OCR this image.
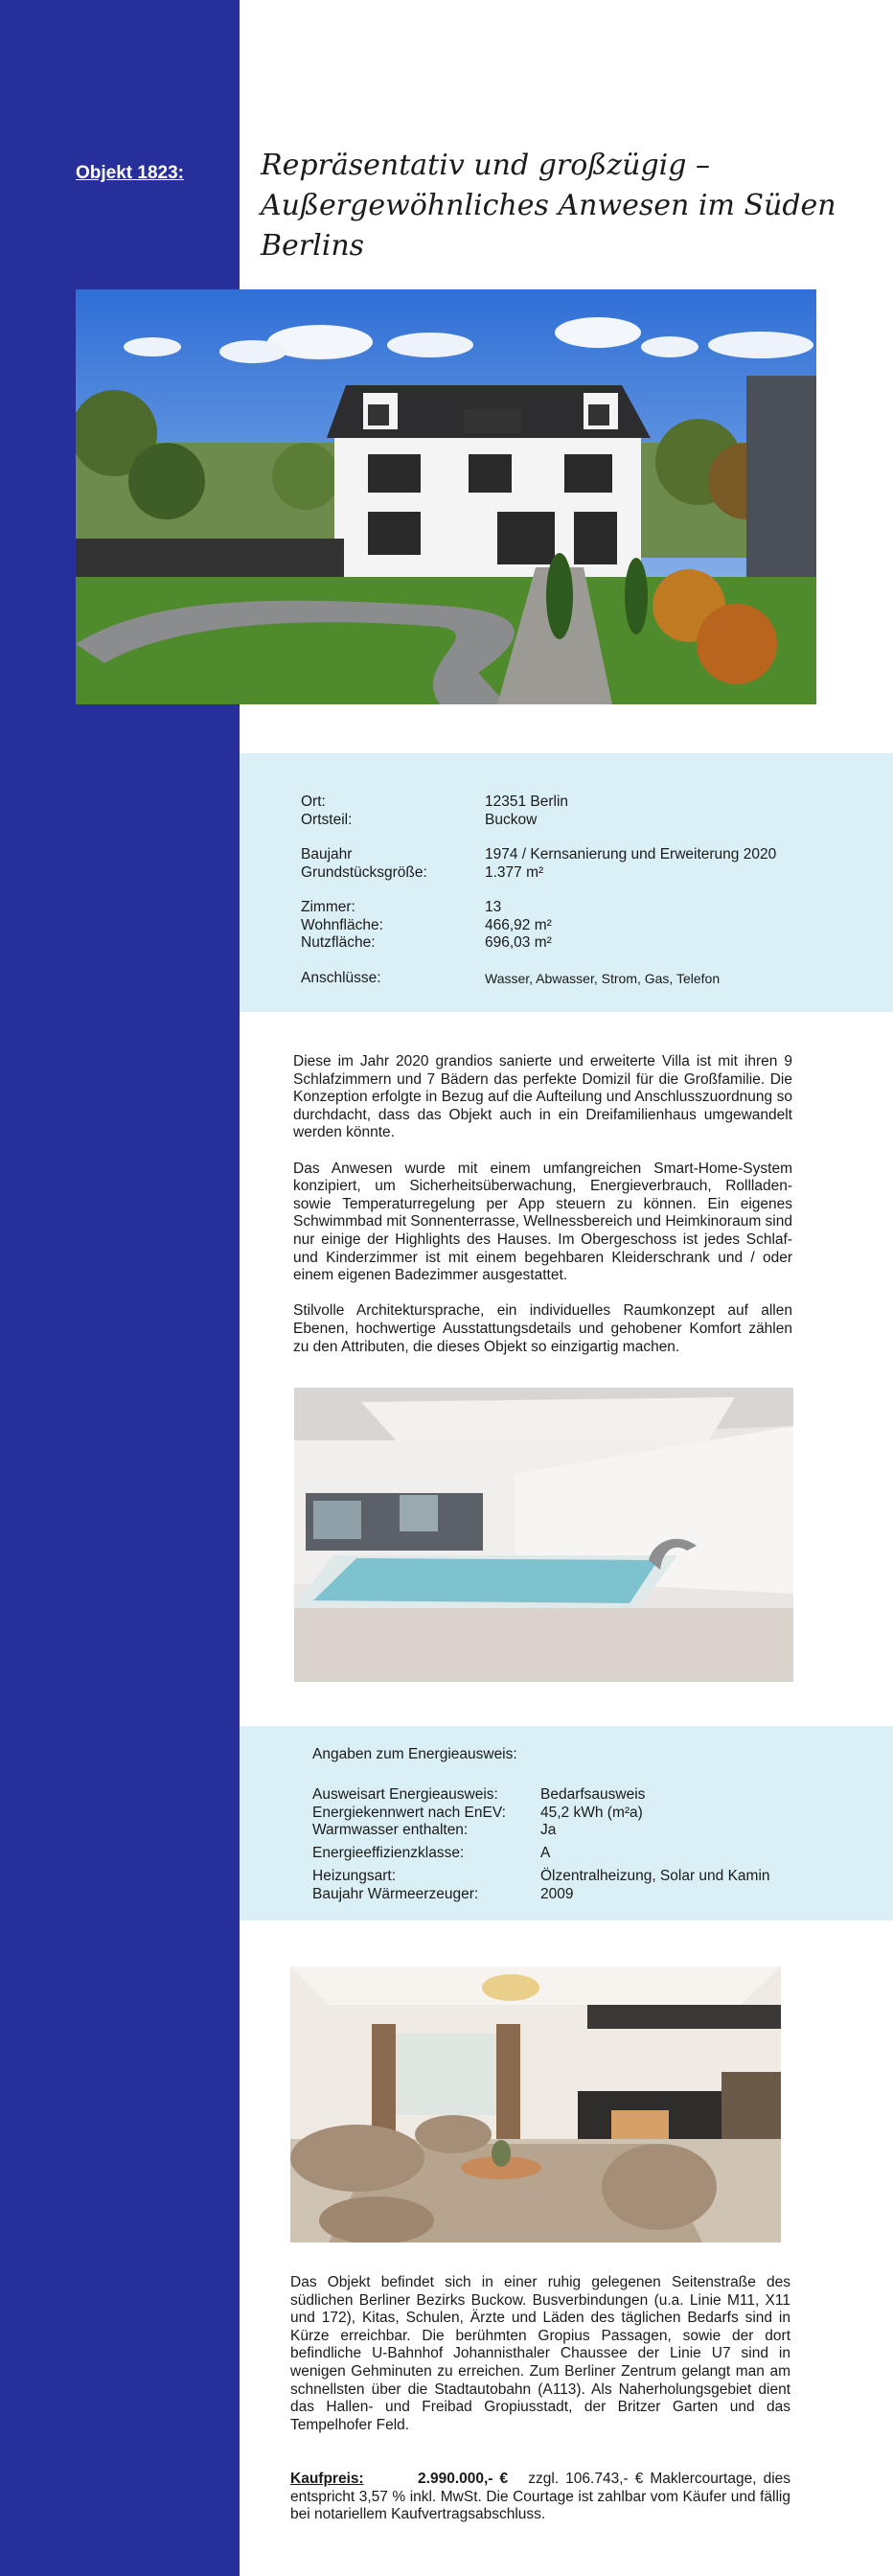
Objekt 1823:	Repräsentativ und großzügig –
Außergewöhnliches Anwesen im Süden Berlins
Ort:	12351 Berlin
Ortsteil:	Buckow
Baujahr	1974 / Kernsanierung und Erweiterung 2020
Grundstücksgröße:	1.377 m²
Zimmer:	13
Wohnfläche:	466,92 m²
Nutzfläche:	696,03 m²
Anschlüsse:	Wasser, Abwasser, Strom, Gas, Telefon

Diese im Jahr 2020 grandios sanierte und erweiterte Villa ist mit ihren 9 Schlafzimmern und 7 Bädern das perfekte Domizil für die Großfamilie. Die Konzeption erfolgte in Bezug auf die Aufteilung und Anschlusszuordnung so durchdacht, dass das Objekt auch in ein Dreifamilienhaus umgewandelt werden könnte.

Das Anwesen wurde mit einem umfangreichen Smart-Home-System konzipiert, um Sicherheitsüberwachung, Energieverbrauch, Rollladen- sowie Temperaturregelung per App steuern zu können. Ein eigenes Schwimmbad mit Sonnenterrasse, Wellnessbereich und Heimkinoraum sind nur einige der Highlights des Hauses. Im Obergeschoss ist jedes Schlaf- und Kinderzimmer ist mit einem begehbaren Kleiderschrank und / oder einem eigenen Badezimmer ausgestattet.

Stilvolle Architektursprache, ein individuelles Raumkonzept auf allen Ebenen, hochwertige Ausstattungsdetails und gehobener Komfort zählen zu den Attributen, die dieses Objekt so einzigartig machen.

Angaben zum Energieausweis:
Ausweisart Energieausweis:	Bedarfsausweis
Energiekennwert nach EnEV: 45,2 kWh (m²a)
Warmwasser enthalten:	Ja
Energieeffizienzklasse:	A
Heizungsart:	Ölzentralheizung, Solar und Kamin
Baujahr Wärmeerzeuger:	2009

Das Objekt befindet sich in einer ruhig gelegenen Seitenstraße des südlichen Berliner Bezirks Buckow. Busverbindungen (u.a. Linie M11, X11 und 172), Kitas, Schulen, Ärzte und Läden des täglichen Bedarfs sind in Kürze erreichbar. Die berühmten Gropius Passagen, sowie der dort befindliche U-Bahnhof Johannisthaler Chaussee der Linie U7 sind in wenigen Gehminuten zu erreichen. Zum Berliner Zentrum gelangt man am schnellsten über die Stadtautobahn (A113). Als Naherholungsgebiet dient das Hallen- und Freibad Gropiusstadt, der Britzer Garten und das Tempelhofer Feld.

Kaufpreis:	2.990.000,- € zzgl. 106.743,- € Maklercourtage, dies entspricht 3,57 % inkl. MwSt. Die Courtage ist zahlbar vom Käufer und fällig bei notariellem Kaufvertragsabschluss.
